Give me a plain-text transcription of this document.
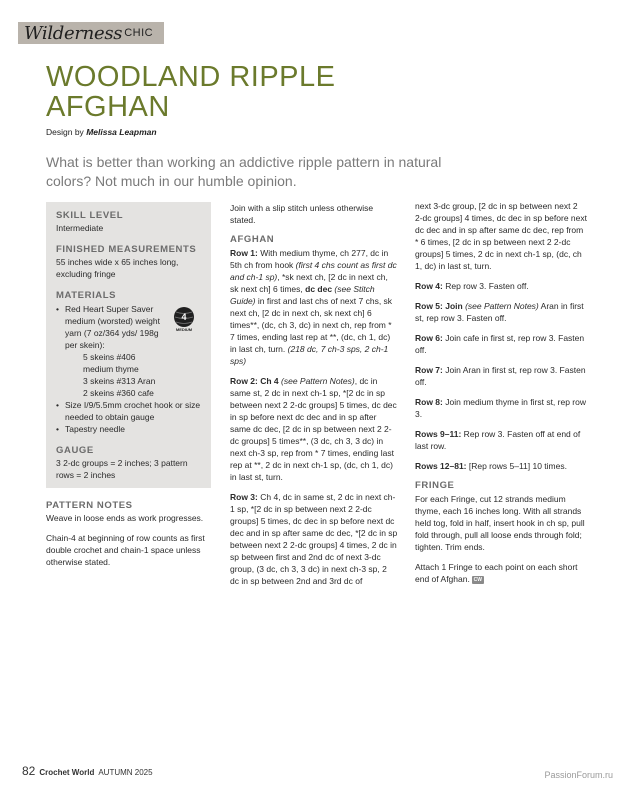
Wilderness CHIC
WOODLAND RIPPLE
AFGHAN
Design by Melissa Leapman
What is better than working an addictive ripple pattern in natural colors? Not much in our humble opinion.

SKILL LEVEL

Intermediate

FINISHED MEASUREMENTS

55 inches wide x 65 inches long, excluding fringe

MATERIALS

• Red Heart Super Saver medium (worsted) weight yarn (7 oz/364 yds/ 198g per skein):
5 skeins #406 medium thyme
3 skeins #313 Aran
2 skeins #360 cafe
• Size I/9/5.5mm crochet hook or size needed to obtain gauge
• Tapestry needle

GAUGE

3 2-dc groups = 2 inches; 3 pattern rows = 2 inches

4
MEDIUM

PATTERN NOTES

Weave in loose ends as work progresses.

Chain-4 at beginning of row counts as first double crochet and chain-1 space unless otherwise stated.

Join with a slip stitch unless otherwise stated.

AFGHAN

Row 1: With medium thyme, ch 277, dc in 5th ch from hook (first 4 chs count as first dc and ch-1 sp), *sk next ch, [2 dc in next ch, sk next ch] 6 times, dc dec (see Stitch Guide) in first and last chs of next 7 chs, sk next ch, [2 dc in next ch, sk next ch] 6 times**, (dc, ch 3, dc) in next ch, rep from * 7 times, ending last rep at **, (dc, ch 1, dc) in last ch, turn. (218 dc, 7 ch-3 sps, 2 ch-1 sps)

Row 2: Ch 4 (see Pattern Notes), dc in same st, 2 dc in next ch-1 sp, *[2 dc in sp between next 2 2-dc groups] 5 times, dc dec in sp before next dc dec and in sp after same dc dec, [2 dc in sp between next 2 2-dc groups] 5 times**, (3 dc, ch 3, 3 dc) in next ch-3 sp, rep from * 7 times, ending last rep at **, 2 dc in next ch-1 sp, (dc, ch 1, dc) in last st, turn.

Row 3: Ch 4, dc in same st, 2 dc in next ch-1 sp, *[2 dc in sp between next 2 2-dc groups] 5 times, dc dec in sp before next dc dec and in sp after same dc dec, *[2 dc in sp between next 2 2-dc groups] 4 times, 2 dc in sp between first and 2nd dc of next 3-dc group, (3 dc, ch 3, 3 dc) in next ch-3 sp, 2 dc in sp between 2nd and 3rd dc of

next 3-dc group, [2 dc in sp between next 2 2-dc groups] 4 times, dc dec in sp before next dc dec and in sp after same dc dec, rep from * 6 times, [2 dc in sp between next 2 2-dc groups] 5 times, 2 dc in next ch-1 sp, (dc, ch 1, dc) in last st, turn.

Row 4: Rep row 3. Fasten off.

Row 5: Join (see Pattern Notes) Aran in first st, rep row 3. Fasten off.

Row 6: Join cafe in first st, rep row 3. Fasten off.

Row 7: Join Aran in first st, rep row 3. Fasten off.

Row 8: Join medium thyme in first st, rep row 3.

Rows 9–11: Rep row 3. Fasten off at end of last row.

Rows 12–81: [Rep rows 5–11] 10 times.

FRINGE

For each Fringe, cut 12 strands medium thyme, each 16 inches long. With all strands held tog, fold in half, insert hook in ch sp, pull fold through, pull all loose ends through fold; tighten. Trim ends.

Attach 1 Fringe to each point on each short end of Afghan. CW

82 Crochet World AUTUMN 2025	PassionForum.ru
